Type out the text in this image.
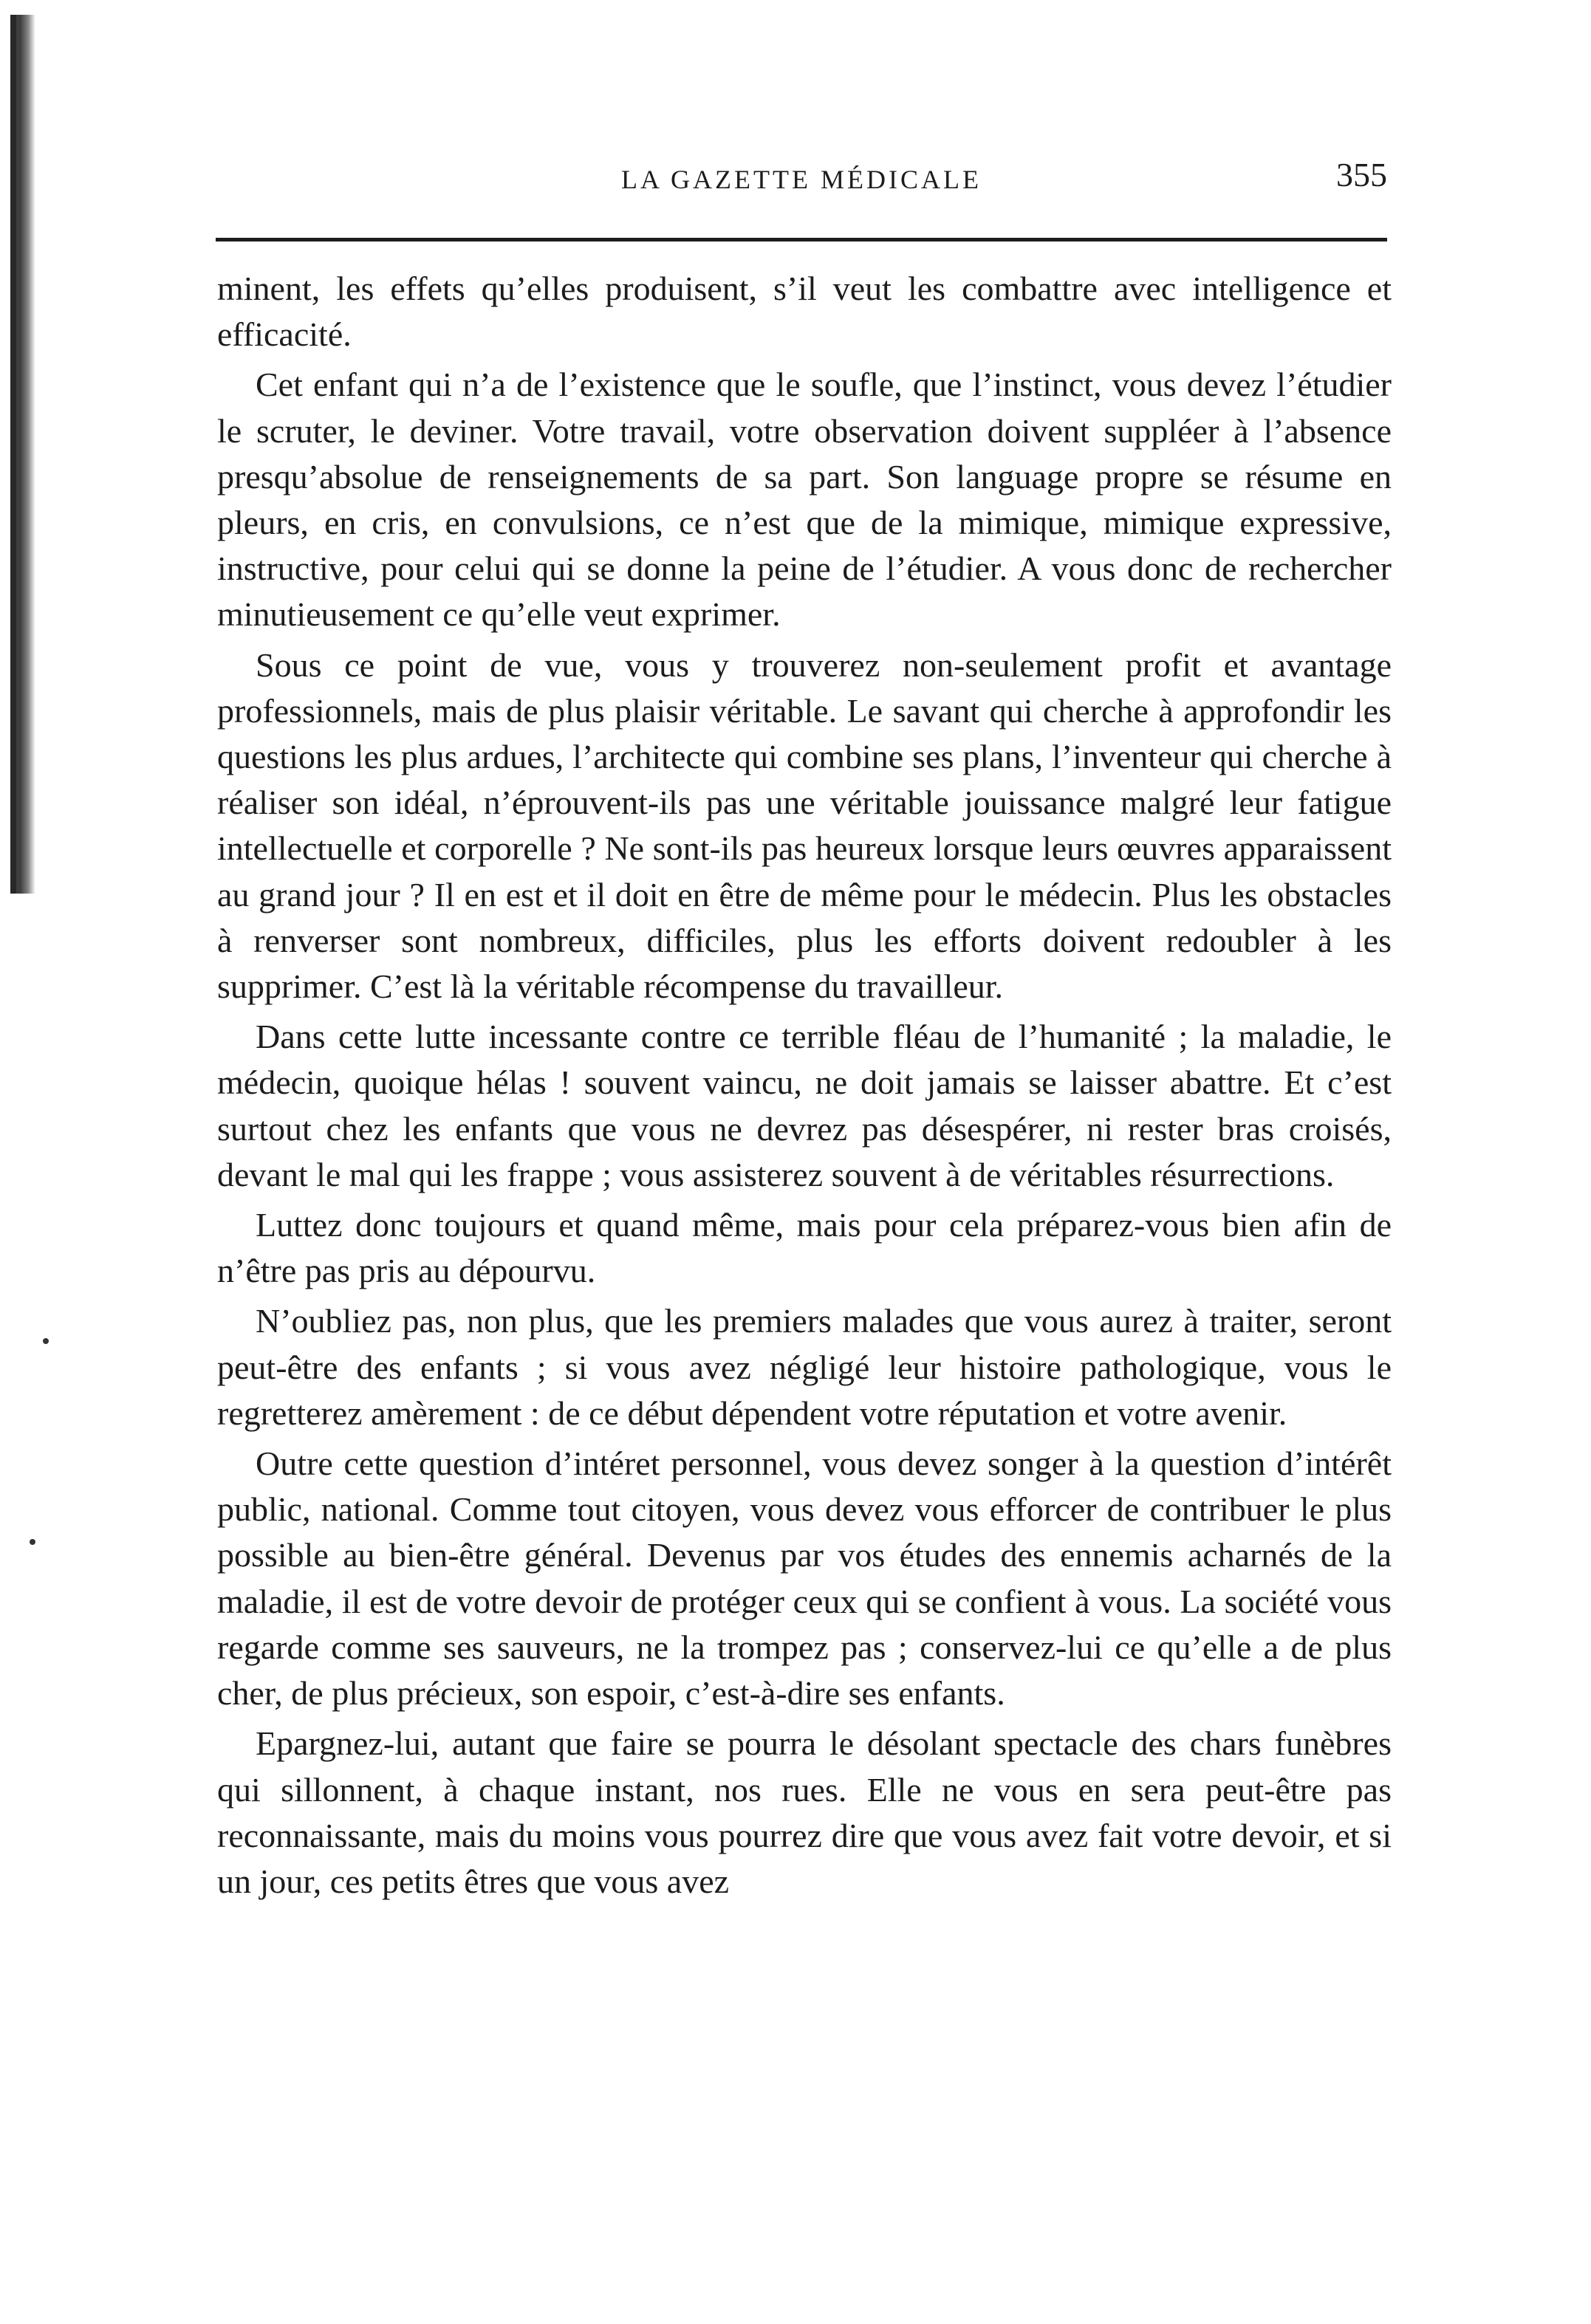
LA GAZETTE MÉDICALE	355

minent, les effets qu’elles produisent, s’il veut les combattre avec intelligence et efficacité.

Cet enfant qui n’a de l’existence que le soufle, que l’instinct, vous devez l’étudier le scruter, le deviner. Votre travail, votre observation doivent suppléer à l’absence presqu’absolue de renseignements de sa part. Son language propre se résume en pleurs, en cris, en convulsions, ce n’est que de la mimique, mimique expressive, instructive, pour celui qui se donne la peine de l’étudier. A vous donc de rechercher minutieusement ce qu’elle veut exprimer.

Sous ce point de vue, vous y trouverez non-seulement profit et avantage professionnels, mais de plus plaisir véritable. Le savant qui cherche à approfondir les questions les plus ardues, l’architecte qui combine ses plans, l’inventeur qui cherche à réaliser son idéal, n’éprouvent-ils pas une véritable jouissance malgré leur fatigue intellectuelle et corporelle ? Ne sont-ils pas heureux lorsque leurs œuvres apparaissent au grand jour ? Il en est et il doit en être de même pour le médecin. Plus les obstacles à renverser sont nombreux, difficiles, plus les efforts doivent redoubler à les supprimer. C’est là la véritable récompense du travailleur.

Dans cette lutte incessante contre ce terrible fléau de l’humanité ; la maladie, le médecin, quoique hélas ! souvent vaincu, ne doit jamais se laisser abattre. Et c’est surtout chez les enfants que vous ne devrez pas désespérer, ni rester bras croisés, devant le mal qui les frappe ; vous assisterez souvent à de véritables résurrections.

Luttez donc toujours et quand même, mais pour cela préparez-vous bien afin de n’être pas pris au dépourvu.

N’oubliez pas, non plus, que les premiers malades que vous aurez à traiter, seront peut-être des enfants ; si vous avez négligé leur histoire pathologique, vous le regretterez amèrement : de ce début dépendent votre réputation et votre avenir.

Outre cette question d’intéret personnel, vous devez songer à la question d’intérêt public, national. Comme tout citoyen, vous devez vous efforcer de contribuer le plus possible au bien-être général. Devenus par vos études des ennemis acharnés de la maladie, il est de votre devoir de protéger ceux qui se confient à vous. La société vous regarde comme ses sauveurs, ne la trompez pas ; conservez-lui ce qu’elle a de plus cher, de plus précieux, son espoir, c’est-à-dire ses enfants.

Epargnez-lui, autant que faire se pourra le désolant spectacle des chars funèbres qui sillonnent, à chaque instant, nos rues. Elle ne vous en sera peut-être pas reconnaissante, mais du moins vous pourrez dire que vous avez fait votre devoir, et si un jour, ces petits êtres que vous avez
